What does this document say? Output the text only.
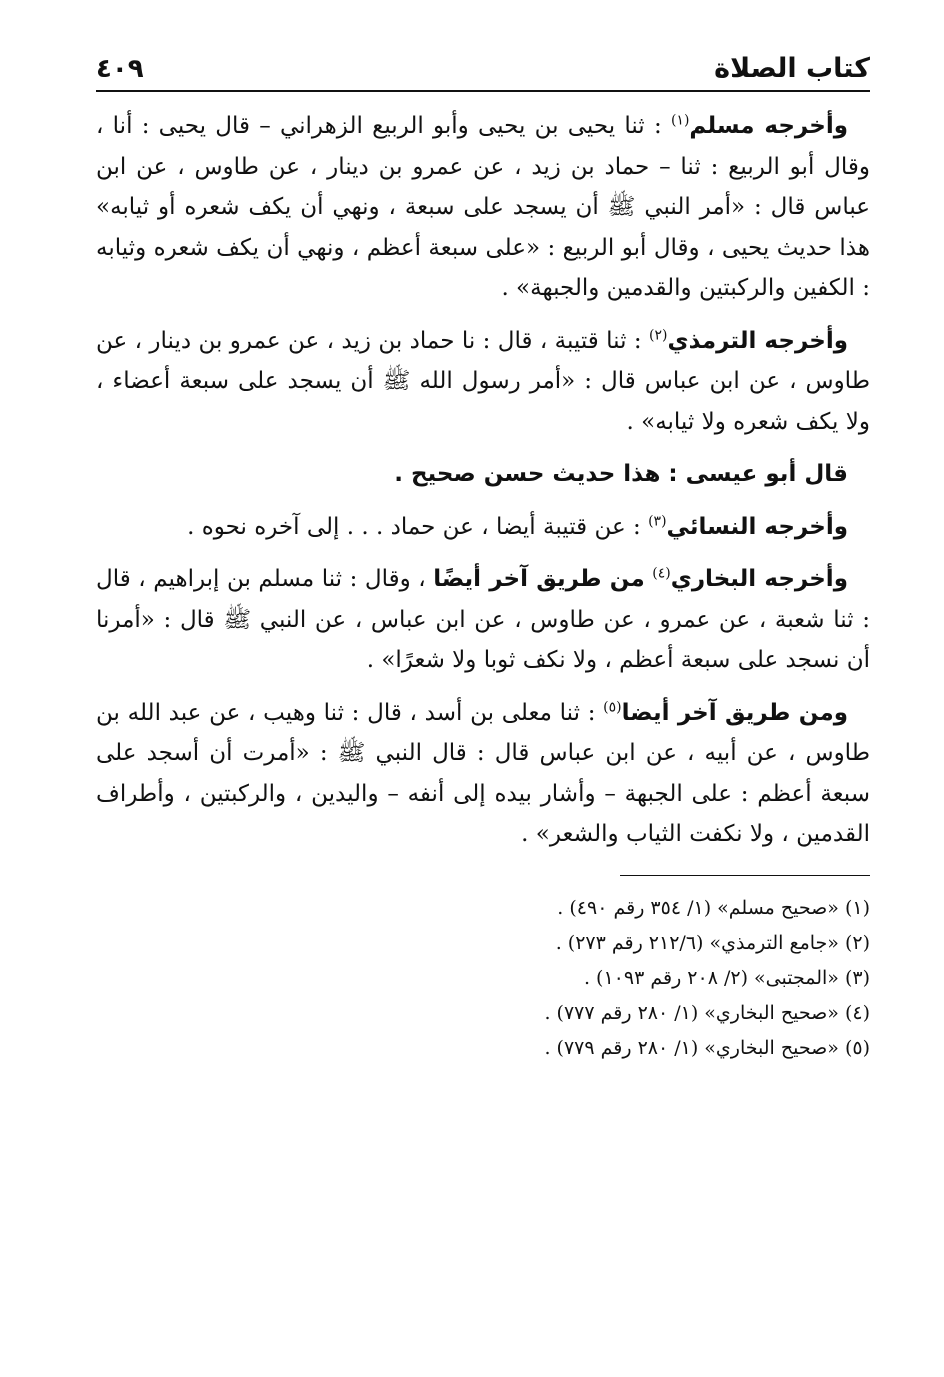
كتاب الصلاة
٤٠٩

وأخرجه مسلم$^{(١)}$ : ثنا يحيى بن يحيى وأبو الربيع الزهراني – قال يحيى : أنا ، وقال أبو الربيع : ثنا – حماد بن زيد ، عن عمرو بن دينار ، عن طاوس ، عن ابن عباس قال : «أمر النبي ﷺ أن يسجد على سبعة ، ونهي أن يكف شعره أو ثيابه» هذا حديث يحيى ، وقال أبو الربيع : «على سبعة أعظم ، ونهي أن يكف شعره وثيابه : الكفين والركبتين والقدمين والجبهة» .

وأخرجه الترمذي$^{(٢)}$ : ثنا قتيبة ، قال : نا حماد بن زيد ، عن عمرو بن دينار ، عن طاوس ، عن ابن عباس قال : «أمر رسول الله ﷺ أن يسجد على سبعة أعضاء ، ولا يكف شعره ولا ثيابه» .

قال أبو عيسى : هذا حديث حسن صحيح .

وأخرجه النسائي$^{(٣)}$ : عن قتيبة أيضا ، عن حماد . . . إلى آخره نحوه .

وأخرجه البخاري$^{(٤)}$ من طريق آخر أيضًا ، وقال : ثنا مسلم بن إبراهيم ، قال : ثنا شعبة ، عن عمرو ، عن طاوس ، عن ابن عباس ، عن النبي ﷺ قال : «أمرنا أن نسجد على سبعة أعظم ، ولا نكف ثوبا ولا شعرًا» .

ومن طريق آخر أيضا$^{(٥)}$ : ثنا معلى بن أسد ، قال : ثنا وهيب ، عن عبد الله بن طاوس ، عن أبيه ، عن ابن عباس قال : قال النبي ﷺ : «أمرت أن أسجد على سبعة أعظم : على الجبهة – وأشار بيده إلى أنفه – واليدين ، والركبتين ، وأطراف القدمين ، ولا نكفت الثياب والشعر» .

(١) «صحيح مسلم» (١/ ٣٥٤ رقم ٤٩٠) .
(٢) «جامع الترمذي» (٢١٢/٦ رقم ٢٧٣) .
(٣) «المجتبى» (٢/ ٢٠٨ رقم ١٠٩٣) .
(٤) «صحيح البخاري» (١/ ٢٨٠ رقم ٧٧٧) .
(٥) «صحيح البخاري» (١/ ٢٨٠ رقم ٧٧٩) .
